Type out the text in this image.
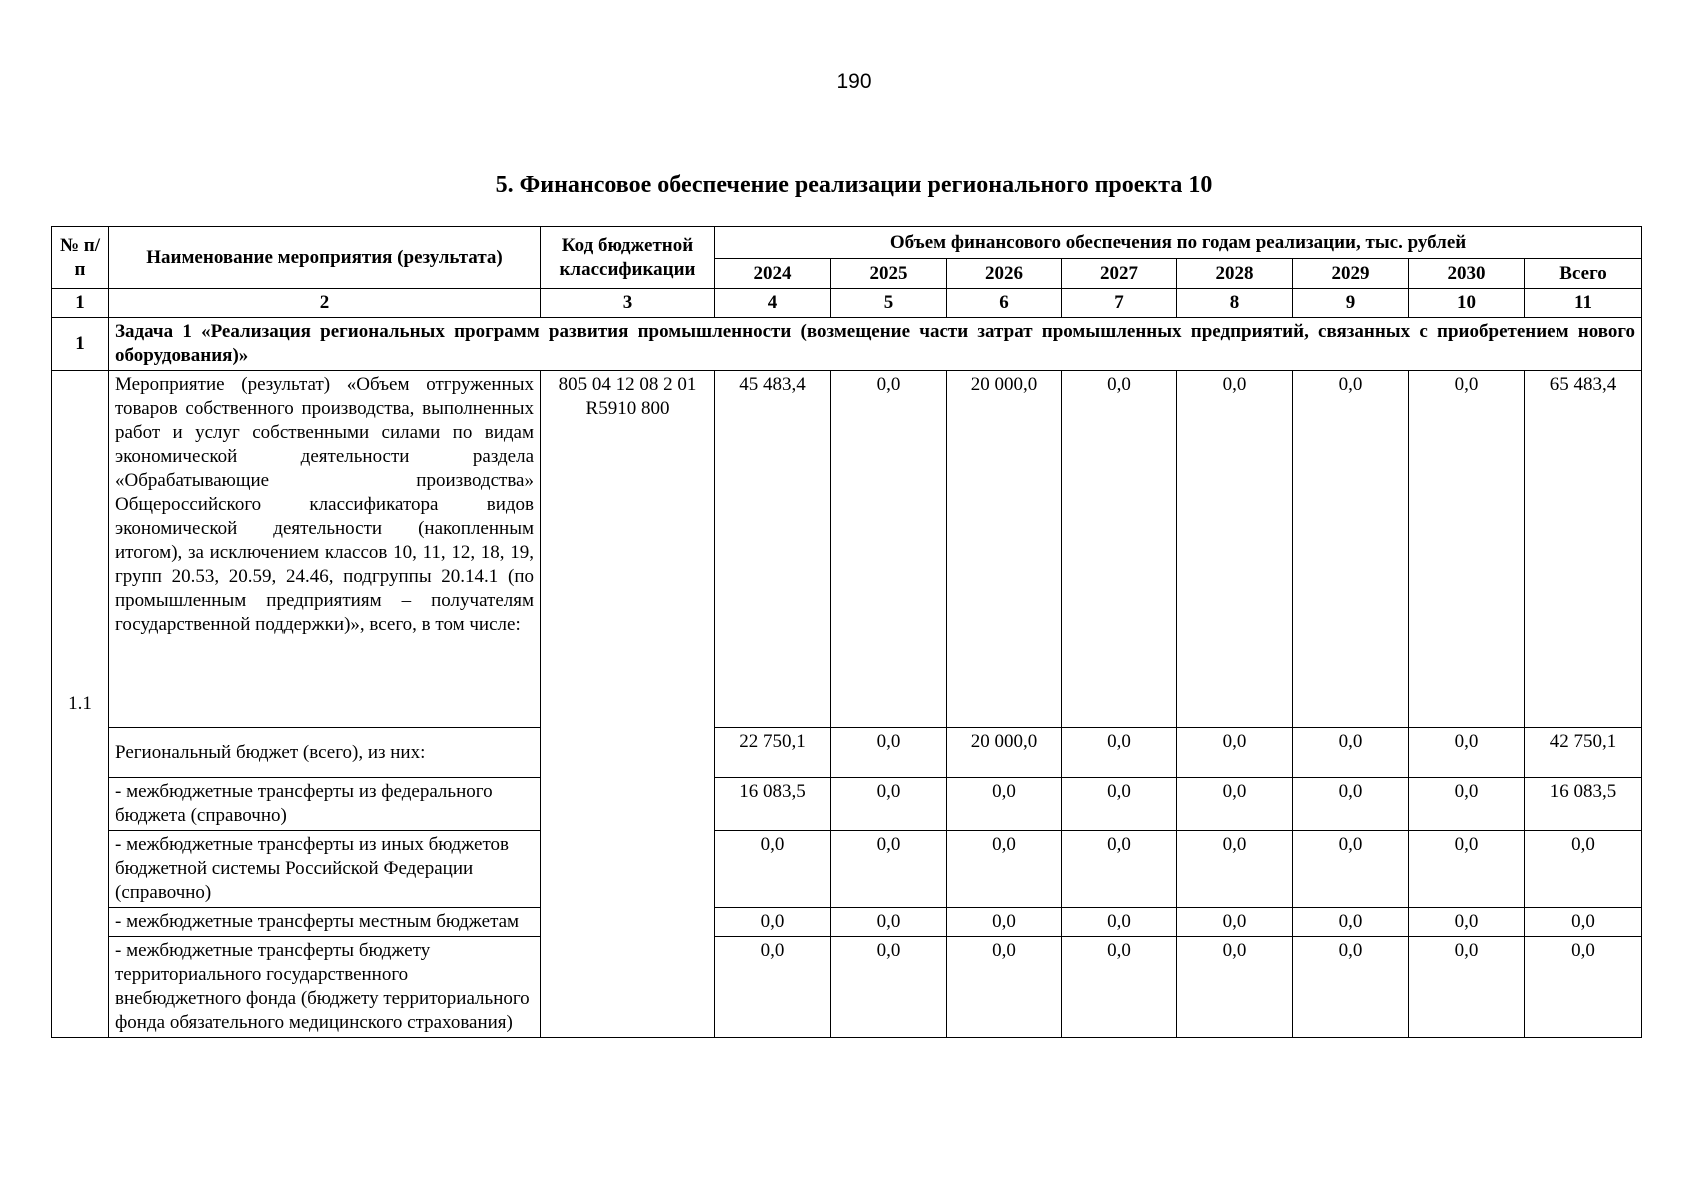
190
5. Финансовое обеспечение реализации регионального проекта 10
№ п/п	Наименование мероприятия (результата)	Код бюджетной классификации	Объем финансового обеспечения по годам реализации, тыс. рублей							
			2024	2025	2026	2027	2028	2029	2030	Всего
1	2	3	4	5	6	7	8	9	10	11
1	Задача 1 «Реализация региональных программ развития промышленности (возмещение части затрат промышленных предприятий, связанных с приобретением нового оборудования)»									
1.1	Мероприятие (результат) «Объем отгруженных товаров собственного производства, выполненных работ и услуг собственными силами по видам экономической деятельности раздела «Обрабатывающие производства» Общероссийского классификатора видов экономической деятельности (накопленным итогом), за исключением классов 10, 11, 12, 18, 19, групп 20.53, 20.59, 24.46, подгруппы 20.14.1 (по промышленным предприятиям – получателям государственной поддержки)», всего, в том числе:	805 04 12 08 2 01 R5910 800	45 483,4	0,0	20 000,0	0,0	0,0	0,0	0,0	65 483,4
	Региональный бюджет (всего), из них:		22 750,1	0,0	20 000,0	0,0	0,0	0,0	0,0	42 750,1
	- межбюджетные трансферты из федерального бюджета (справочно)		16 083,5	0,0	0,0	0,0	0,0	0,0	0,0	16 083,5
	- межбюджетные трансферты из иных бюджетов бюджетной системы Российской Федерации (справочно)		0,0	0,0	0,0	0,0	0,0	0,0	0,0	0,0
	- межбюджетные трансферты местным бюджетам		0,0	0,0	0,0	0,0	0,0	0,0	0,0	0,0
	- межбюджетные трансферты бюджету территориального государственного внебюджетного фонда (бюджету территориального фонда обязательного медицинского страхования)		0,0	0,0	0,0	0,0	0,0	0,0	0,0	0,0
